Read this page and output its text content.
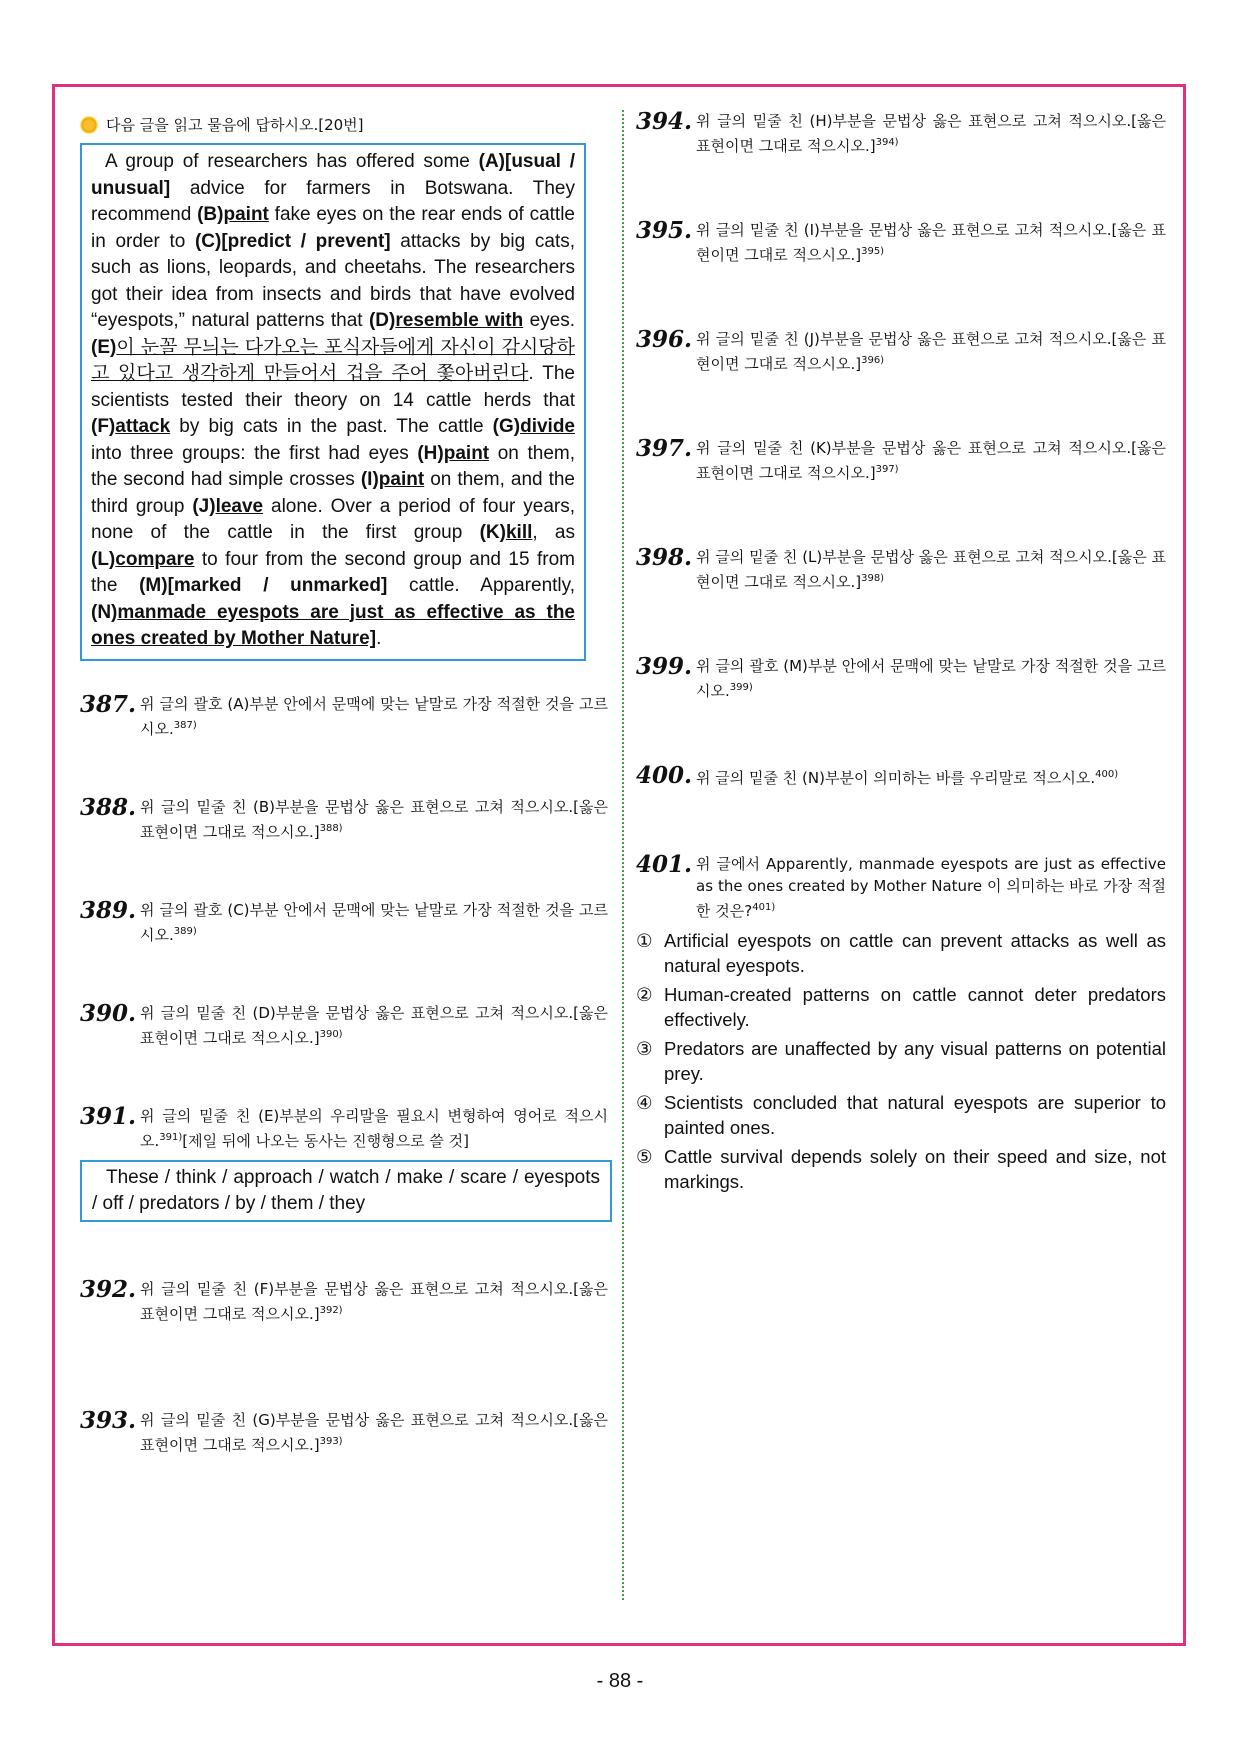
다음 글을 읽고 물음에 답하시오.[20번]

A group of researchers has offered some (A)[usual / unusual] advice for farmers in Botswana. They recommend (B)paint fake eyes on the rear ends of cattle in order to (C)[predict / prevent] attacks by big cats, such as lions, leopards, and cheetahs. The researchers got their idea from insects and birds that have evolved “eyespots,” natural patterns that (D)resemble with eyes. (E)이 눈꼴 무늬는 다가오는 포식자들에게 자신이 감시당하고 있다고 생각하게 만들어서 겁을 주어 쫓아버린다. The scientists tested their theory on 14 cattle herds that (F)attack by big cats in the past. The cattle (G)divide into three groups: the first had eyes (H)paint on them, the second had simple crosses (I)paint on them, and the third group (J)leave alone. Over a period of four years, none of the cattle in the first group (K)kill, as (L)compare to four from the second group and 15 from the (M)[marked / unmarked] cattle. Apparently, (N)manmade eyespots are just as effective as the ones created by Mother Nature].

387. 위 글의 괄호 (A)부분 안에서 문맥에 맞는 낱말로 가장 적절한 것을 고르시오.$^{387)}$
388. 위 글의 밑줄 친 (B)부분을 문법상 옳은 표현으로 고쳐 적으시오.[옳은 표현이면 그대로 적으시오.]$^{388)}$
389. 위 글의 괄호 (C)부분 안에서 문맥에 맞는 낱말로 가장 적절한 것을 고르시오.$^{389)}$
390. 위 글의 밑줄 친 (D)부분을 문법상 옳은 표현으로 고쳐 적으시오.[옳은 표현이면 그대로 적으시오.]$^{390)}$
391. 위 글의 밑줄 친 (E)부분의 우리말을 필요시 변형하여 영어로 적으시오.$^{391)}$[제일 뒤에 나오는 동사는 진행형으로 쓸 것]

These / think / approach / watch / make / scare / eyespots / off / predators / by / them / they

392. 위 글의 밑줄 친 (F)부분을 문법상 옳은 표현으로 고쳐 적으시오.[옳은 표현이면 그대로 적으시오.]$^{392)}$
393. 위 글의 밑줄 친 (G)부분을 문법상 옳은 표현으로 고쳐 적으시오.[옳은 표현이면 그대로 적으시오.]$^{393)}$
394. 위 글의 밑줄 친 (H)부분을 문법상 옳은 표현으로 고쳐 적으시오.[옳은 표현이면 그대로 적으시오.]$^{394)}$
395. 위 글의 밑줄 친 (I)부분을 문법상 옳은 표현으로 고쳐 적으시오.[옳은 표현이면 그대로 적으시오.]$^{395)}$
396. 위 글의 밑줄 친 (J)부분을 문법상 옳은 표현으로 고쳐 적으시오.[옳은 표현이면 그대로 적으시오.]$^{396)}$
397. 위 글의 밑줄 친 (K)부분을 문법상 옳은 표현으로 고쳐 적으시오.[옳은 표현이면 그대로 적으시오.]$^{397)}$
398. 위 글의 밑줄 친 (L)부분을 문법상 옳은 표현으로 고쳐 적으시오.[옳은 표현이면 그대로 적으시오.]$^{398)}$
399. 위 글의 괄호 (M)부분 안에서 문맥에 맞는 낱말로 가장 적절한 것을 고르시오.$^{399)}$
400. 위 글의 밑줄 친 (N)부분이 의미하는 바를 우리말로 적으시오.$^{400)}$
401. 위 글에서 Apparently, manmade eyespots are just as effective as the ones created by Mother Nature 이 의미하는 바로 가장 적절한 것은?$^{401)}$
① Artificial eyespots on cattle can prevent attacks as well as natural eyespots.
② Human-created patterns on cattle cannot deter predators effectively.
③ Predators are unaffected by any visual patterns on potential prey.
④ Scientists concluded that natural eyespots are superior to painted ones.
⑤ Cattle survival depends solely on their speed and size, not markings.
- 88 -
